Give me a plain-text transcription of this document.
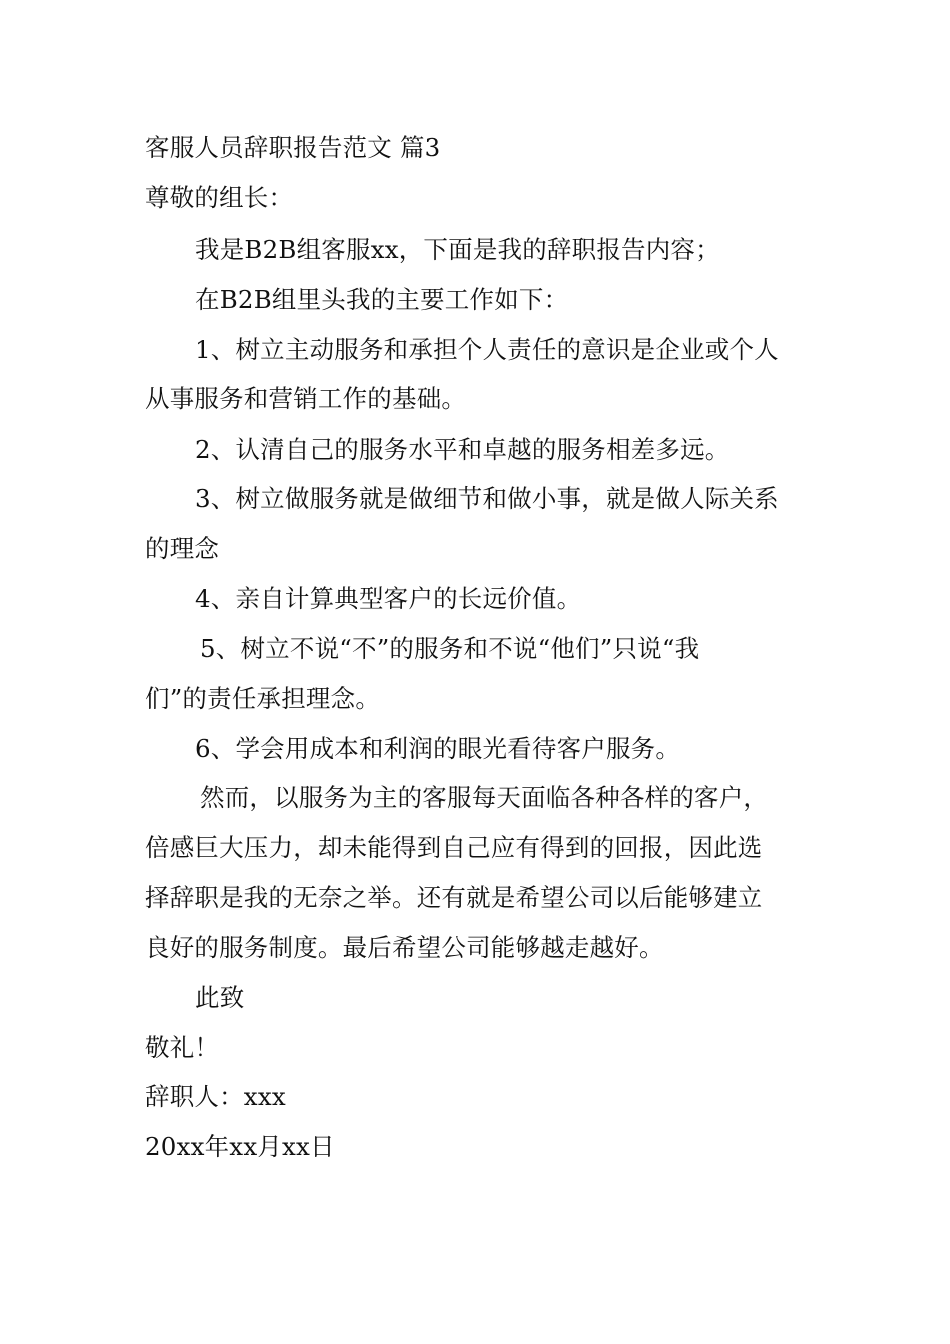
客服人员辞职报告范文 篇3

尊敬的组长：

我是B2B组客服xx，下面是我的辞职报告内容；

在B2B组里头我的主要工作如下：

1、树立主动服务和承担个人责任的意识是企业或个人

从事服务和营销工作的基础。

2、认清自己的服务水平和卓越的服务相差多远。

3、树立做服务就是做细节和做小事，就是做人际关系

的理念

4、亲自计算典型客户的长远价值。

5、树立不说“不”的服务和不说“他们”只说“我

们”的责任承担理念。

6、学会用成本和利润的眼光看待客户服务。

然而，以服务为主的客服每天面临各种各样的客户，

倍感巨大压力，却未能得到自己应有得到的回报，因此选

择辞职是我的无奈之举。还有就是希望公司以后能够建立

良好的服务制度。最后希望公司能够越走越好。

此致

敬礼！

辞职人：xxx

20xx年xx月xx日
